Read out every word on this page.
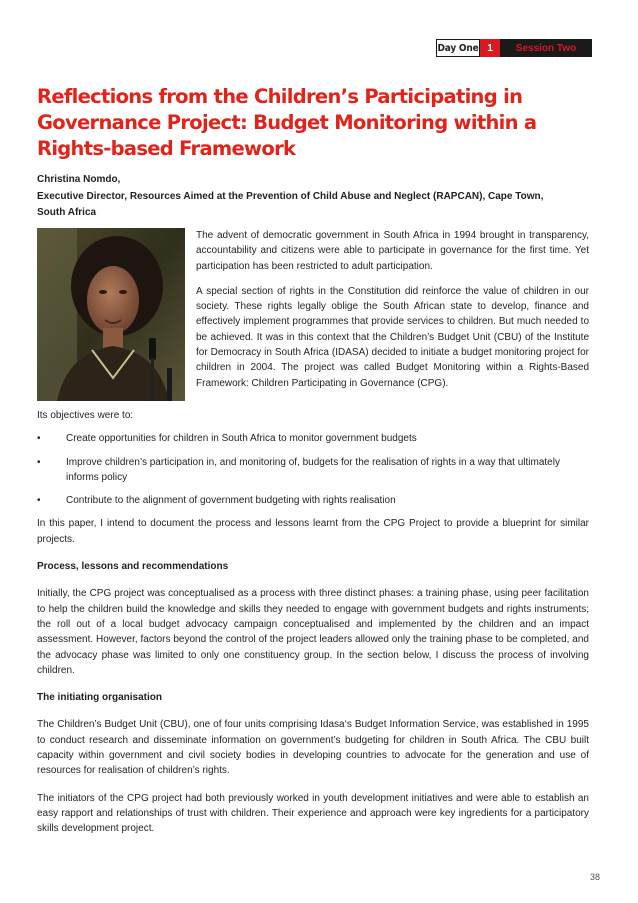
Day One 1	Session Two
Reflections from the Children’s Participating in
Governance Project: Budget Monitoring within a
Rights-based Framework
Christina Nomdo,
Executive Director, Resources Aimed at the Prevention of Child Abuse and Neglect (RAPCAN), Cape Town,
South Africa

The advent of democratic government in South Africa in 1994 brought in transparency, accountability and citizens were able to participate in governance for the first time. Yet participation has been restricted to adult participation.

A special section of rights in the Constitution did reinforce the value of children in our society. These rights legally oblige the South African state to develop, finance and effectively implement programmes that provide services to children. But much needed to be achieved. It was in this context that the Children’s Budget Unit (CBU) of the Institute for Democracy in South Africa (IDASA) decided to initiate a budget monitoring project for children in 2004. The project was called Budget Monitoring within a Rights-Based Framework: Children Participating in Governance (CPG).

Its objectives were to:

•	Create opportunities for children in South Africa to monitor government budgets
•	Improve children’s participation in, and monitoring of, budgets for the realisation of rights in a way that ultimately informs policy
•	Contribute to the alignment of government budgeting with rights realisation

In this paper, I intend to document the process and lessons learnt from the CPG Project to provide a blueprint for similar projects.

Process, lessons and recommendations

Initially, the CPG project was conceptualised as a process with three distinct phases: a training phase, using peer facilitation to help the children build the knowledge and skills they needed to engage with government budgets and rights instruments; the roll out of a local budget advocacy campaign conceptualised and implemented by the children and an impact assessment. However, factors beyond the control of the project leaders allowed only the training phase to be completed, and the advocacy phase was limited to only one constituency group. In the section below, I discuss the process of involving children.

The initiating organisation

The Children’s Budget Unit (CBU), one of four units comprising Idasa‘s Budget Information Service, was established in 1995 to conduct research and disseminate information on government’s budgeting for children in South Africa. The CBU built capacity within government and civil society bodies in developing countries to advocate for the generation and use of resources for realisation of children’s rights.

The initiators of the CPG project had both previously worked in youth development initiatives and were able to establish an easy rapport and relationships of trust with children. Their experience and approach were key ingredients for a participatory skills development project.

38
